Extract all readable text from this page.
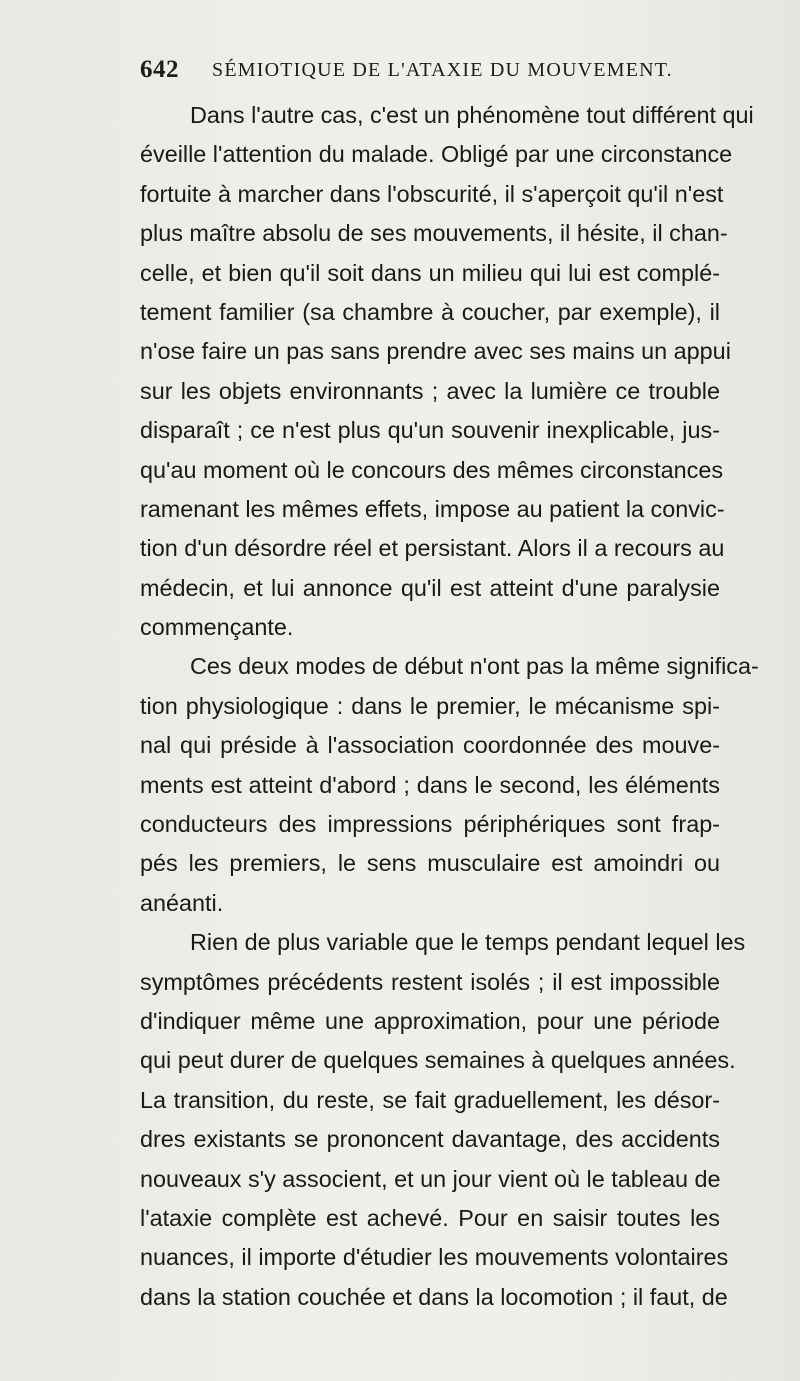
642 SÉMIOTIQUE DE L'ATAXIE DU MOUVEMENT.

Dans l'autre cas, c'est un phénomène tout différent qui
éveille l'attention du malade. Obligé par une circonstance
fortuite à marcher dans l'obscurité, il s'aperçoit qu'il n'est
plus maître absolu de ses mouvements, il hésite, il chan-
celle, et bien qu'il soit dans un milieu qui lui est complé-
tement familier (sa chambre à coucher, par exemple), il
n'ose faire un pas sans prendre avec ses mains un appui
sur les objets environnants ; avec la lumière ce trouble
disparaît ; ce n'est plus qu'un souvenir inexplicable, jus-
qu'au moment où le concours des mêmes circonstances
ramenant les mêmes effets, impose au patient la convic-
tion d'un désordre réel et persistant. Alors il a recours au
médecin, et lui annonce qu'il est atteint d'une paralysie
commençante.

Ces deux modes de début n'ont pas la même significa-
tion physiologique : dans le premier, le mécanisme spi-
nal qui préside à l'association coordonnée des mouve-
ments est atteint d'abord ; dans le second, les éléments
conducteurs des impressions périphériques sont frap-
pés les premiers, le sens musculaire est amoindri ou
anéanti.

Rien de plus variable que le temps pendant lequel les
symptômes précédents restent isolés ; il est impossible
d'indiquer même une approximation, pour une période
qui peut durer de quelques semaines à quelques années.
La transition, du reste, se fait graduellement, les désor-
dres existants se prononcent davantage, des accidents
nouveaux s'y associent, et un jour vient où le tableau de
l'ataxie complète est achevé. Pour en saisir toutes les
nuances, il importe d'étudier les mouvements volontaires
dans la station couchée et dans la locomotion ; il faut, de
